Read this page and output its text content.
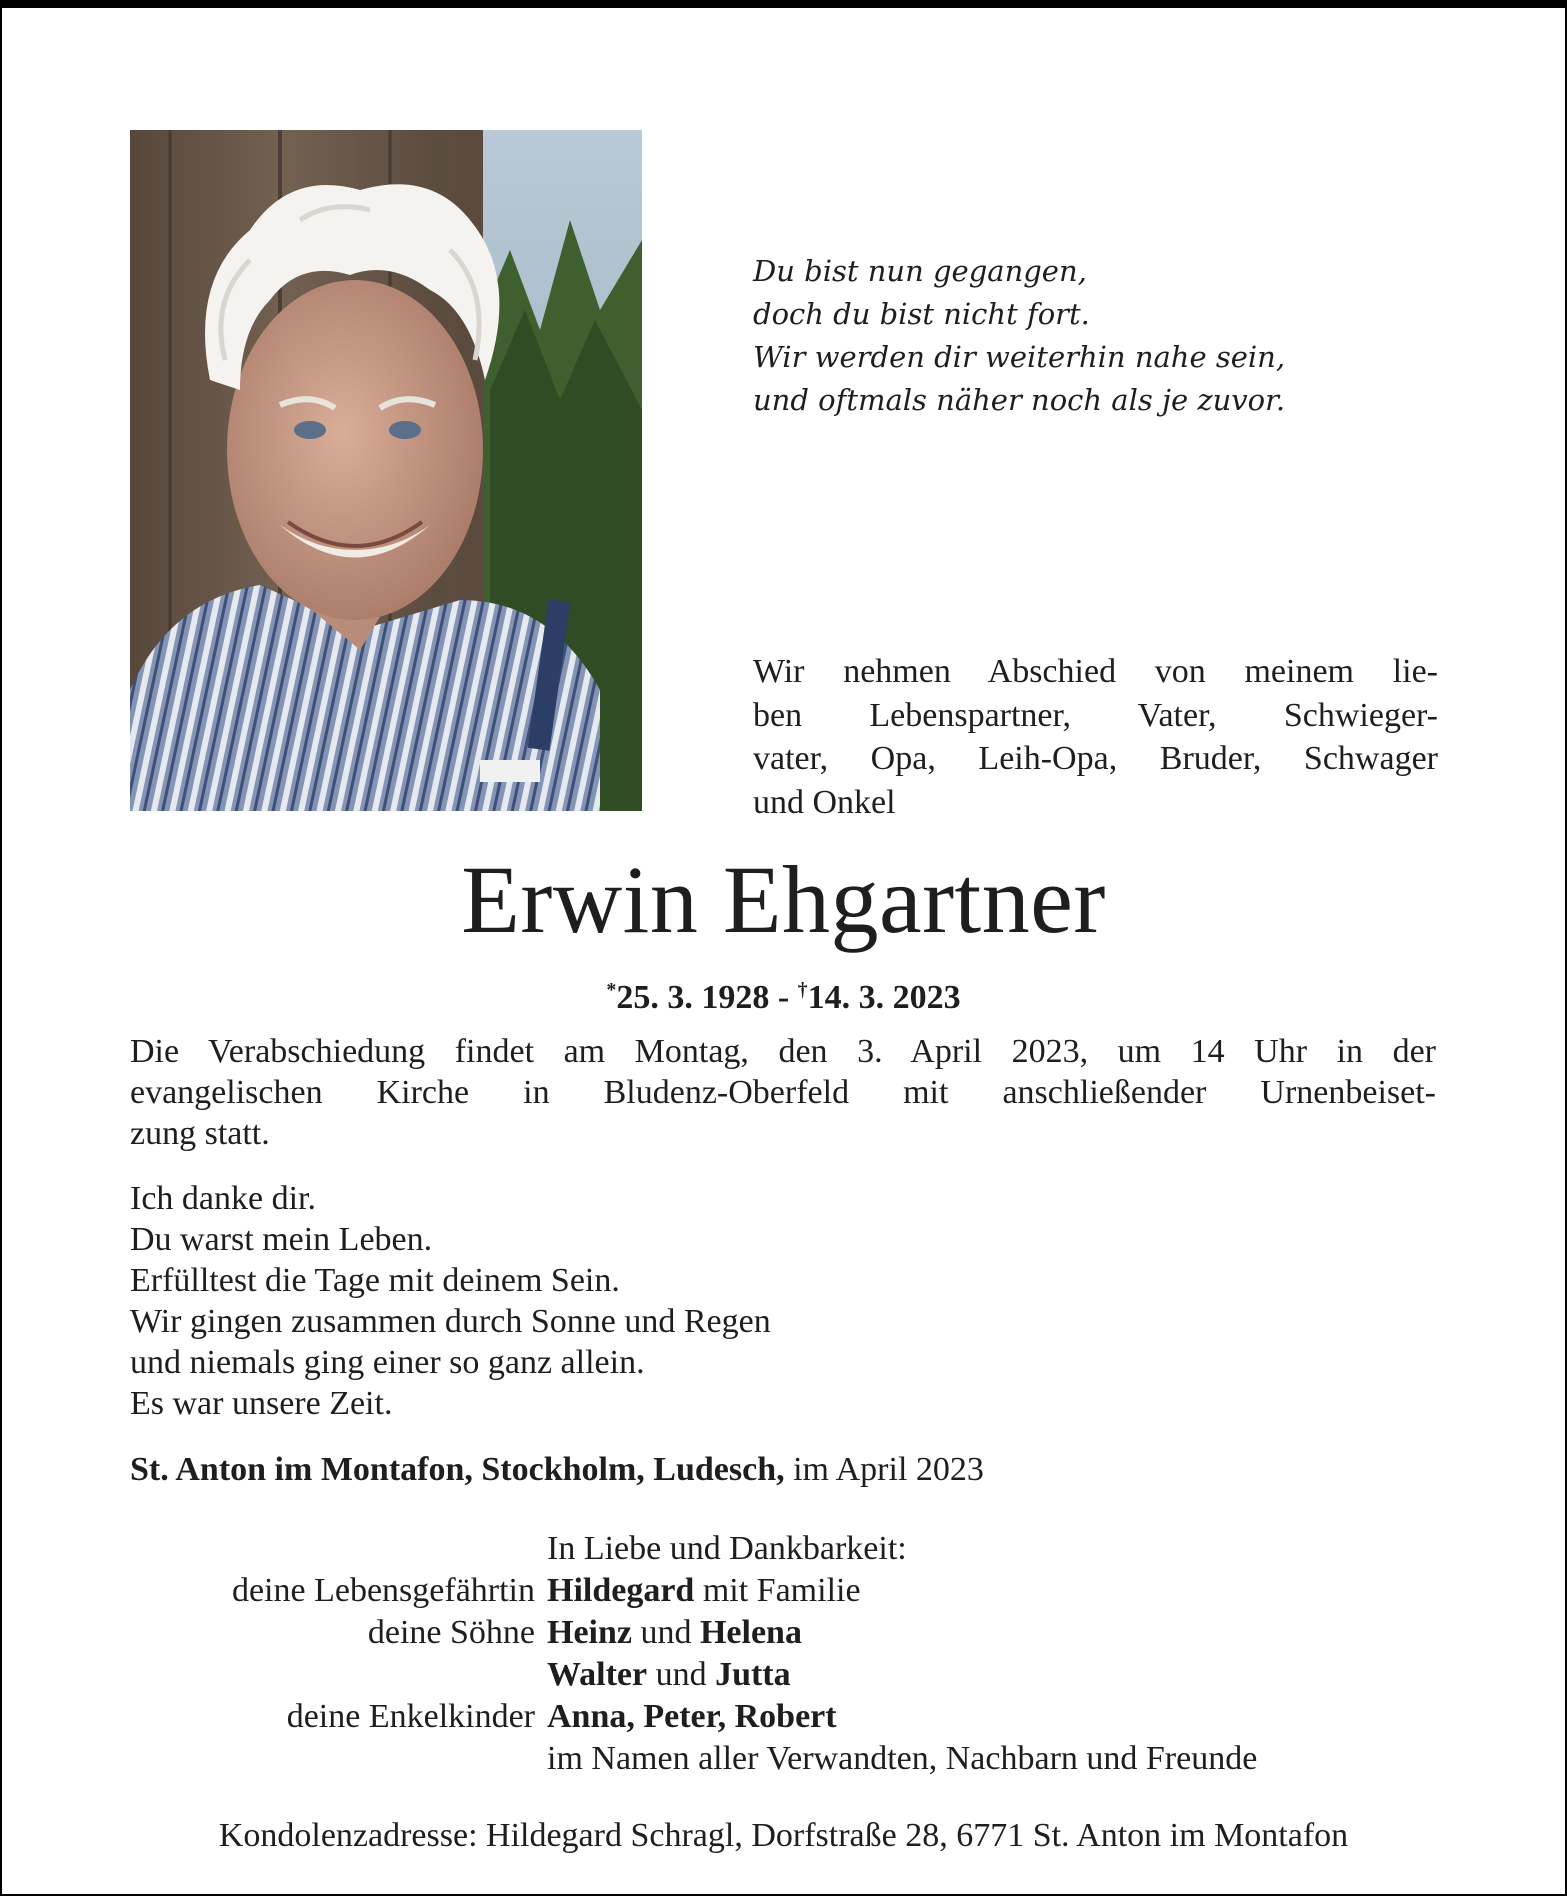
Du bist nun gegangen,
doch du bist nicht fort.
Wir werden dir weiterhin nahe sein,
und oftmals näher noch als je zuvor.
Wir nehmen Abschied von meinem lie-
ben Lebenspartner, Vater, Schwieger-
vater, Opa, Leih-Opa, Bruder, Schwager
und Onkel
Erwin Ehgartner
*25. 3. 1928 - †14. 3. 2023
Die Verabschiedung findet am Montag, den 3. April 2023, um 14 Uhr in der
evangelischen Kirche in Bludenz-Oberfeld mit anschließender Urnenbeiset-
zung statt.
Ich danke dir.
Du warst mein Leben.
Erfülltest die Tage mit deinem Sein.
Wir gingen zusammen durch Sonne und Regen
und niemals ging einer so ganz allein.
Es war unsere Zeit.
St. Anton im Montafon, Stockholm, Ludesch, im April 2023
In Liebe und Dankbarkeit:
deine Lebensgefährtin Hildegard mit Familie
deine Söhne Heinz und Helena
Walter und Jutta
deine Enkelkinder Anna, Peter, Robert
im Namen aller Verwandten, Nachbarn und Freunde
Kondolenzadresse: Hildegard Schragl, Dorfstraße 28, 6771 St. Anton im Montafon
